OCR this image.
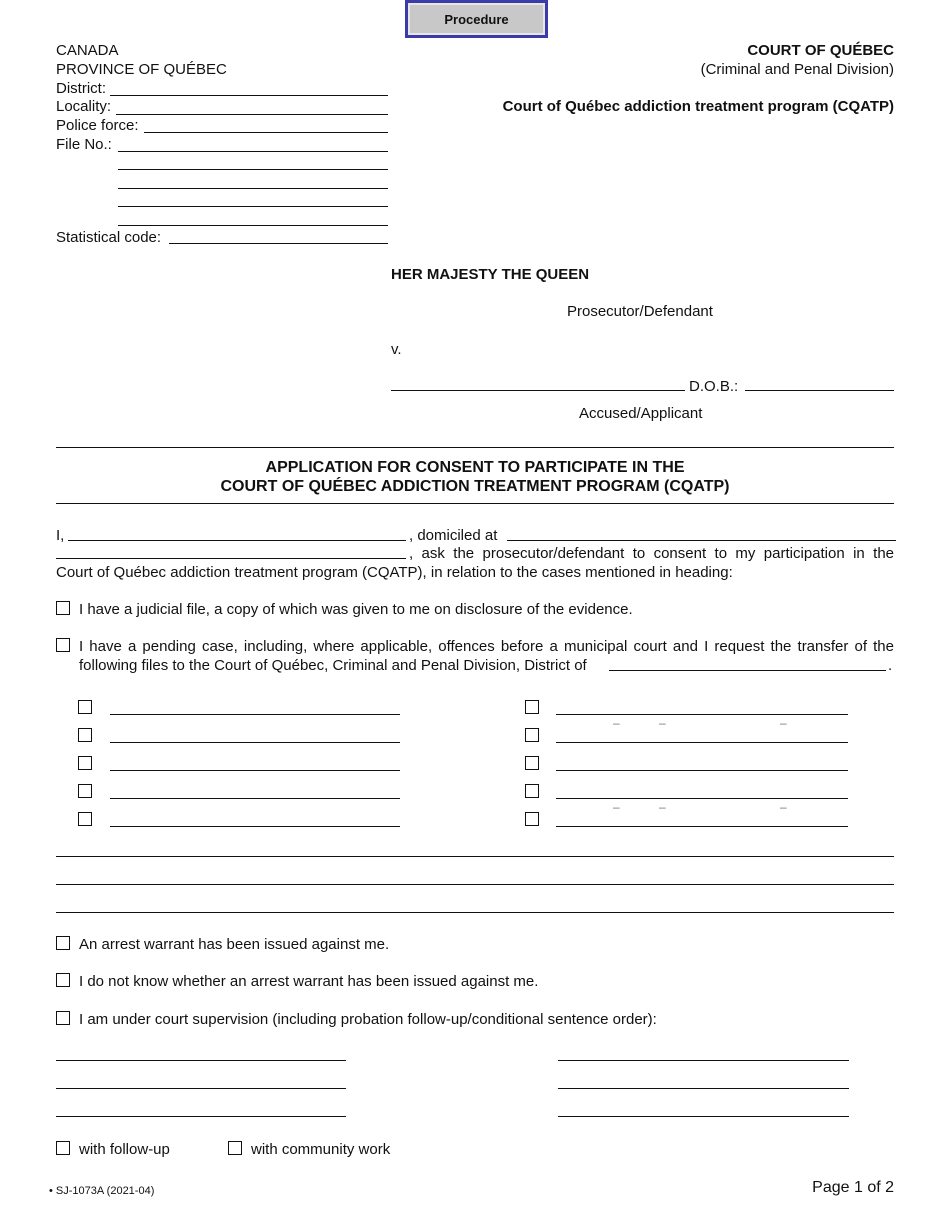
Procedure
CANADA
PROVINCE OF QUÉBEC
District:
Locality:
Police force:
File No.:
Statistical code:
COURT OF QUÉBEC
(Criminal and Penal Division)
Court of Québec addiction treatment program (CQATP)
HER MAJESTY THE QUEEN
Prosecutor/Defendant
v.
D.O.B.:
Accused/Applicant
APPLICATION FOR CONSENT TO PARTICIPATE IN THE
COURT OF QUÉBEC ADDICTION TREATMENT PROGRAM (CQATP)
I,	, domiciled at
, ask the prosecutor/defendant to consent to my participation in the
Court of Québec addiction treatment program (CQATP), in relation to the cases mentioned in heading:
I have a judicial file, a copy of which was given to me on disclosure of the evidence.
I have a pending case, including, where applicable, offences before a municipal court and I request the transfer of the
following files to the Court of Québec, Criminal and Penal Division, District of	.
–	–	–
–	–	–
An arrest warrant has been issued against me.
I do not know whether an arrest warrant has been issued against me.
I am under court supervision (including probation follow-up/conditional sentence order):
with follow-up	with community work
• SJ-1073A (2021-04)	Page 1 of 2
